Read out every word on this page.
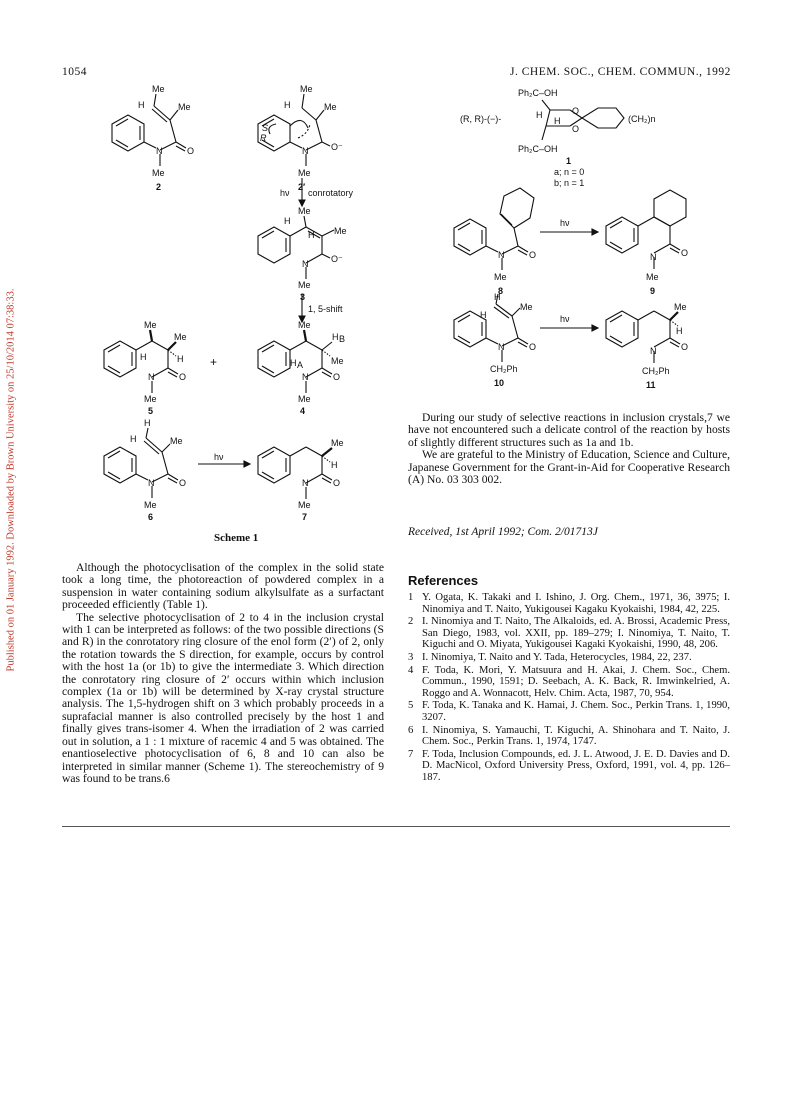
1054	J. CHEM. SOC., CHEM. COMMUN., 1992
Published on 01 January 1992. Downloaded by Brown University on 25/10/2014 07:38:33.
Me
H	Me
N	O
Me
2
Me
H	Me
S
R
N	O⁻
Me
2′
hν conrotatory
Me
H
H Me
N	O⁻
Me
3
1, 5-shift
Me
H B
H A	Me
N	O
Me
4
+
Me
Me
H	H
N	O
Me
5
H
H	Me
N	O
Me
6
hν
Me
H
N	O
Me
7
Ph₂C–OH
(R, R)-(−)-
O
O
H
H	(CH₂)n
Ph₂C–OH
1
a; n = 0
b; n = 1
N	O
Me
8
hν
N	O
Me
9
H
H
Me
N	O
CH₂Ph
10
hν
Me
H
N	O
CH₂Ph
11
Scheme 1

Although the photocyclisation of the complex in the solid state took a long time, the photoreaction of powdered complex in a suspension in water containing sodium alkylsulfate as a surfactant proceeded efficiently (Table 1).

The selective photocyclisation of 2 to 4 in the inclusion crystal with 1 can be interpreted as follows: of the two possible directions (S and R) in the conrotatory ring closure of the enol form (2′) of 2, only the rotation towards the S direction, for example, occurs by control with the host 1a (or 1b) to give the intermediate 3. Which direction the conrotatory ring closure of 2′ occurs within which inclusion complex (1a or 1b) will be determined by X-ray crystal structure analysis. The 1,5-hydrogen shift on 3 which probably proceeds in a suprafacial manner is also controlled precisely by the host 1 and finally gives trans-isomer 4. When the irradiation of 2 was carried out in solution, a 1 : 1 mixture of racemic 4 and 5 was obtained. The enantioselective photocyclisation of 6, 8 and 10 can also be interpreted in similar manner (Scheme 1). The stereochemistry of 9 was found to be trans.6

During our study of selective reactions in inclusion crystals,7 we have not encountered such a delicate control of the reaction by hosts of slightly different structures such as 1a and 1b.

We are grateful to the Ministry of Education, Science and Culture, Japanese Government for the Grant-in-Aid for Cooperative Research (A) No. 03 303 002.

Received, 1st April 1992; Com. 2/01713J
References
1 Y. Ogata, K. Takaki and I. Ishino, J. Org. Chem., 1971, 36, 3975; I. Ninomiya and T. Naito, Yukigousei Kagaku Kyokaishi, 1984, 42, 225.
2 I. Ninomiya and T. Naito, The Alkaloids, ed. A. Brossi, Academic Press, San Diego, 1983, vol. XXII, pp. 189–279; I. Ninomiya, T. Naito, T. Kiguchi and O. Miyata, Yukigousei Kagaki Kyokaishi, 1990, 48, 206.
3 I. Ninomiya, T. Naito and Y. Tada, Heterocycles, 1984, 22, 237.
4 F. Toda, K. Mori, Y. Matsuura and H. Akai, J. Chem. Soc., Chem. Commun., 1990, 1591; D. Seebach, A. K. Back, R. Imwinkelried, A. Roggo and A. Wonnacott, Helv. Chim. Acta, 1987, 70, 954.
5 F. Toda, K. Tanaka and K. Hamai, J. Chem. Soc., Perkin Trans. 1, 1990, 3207.
6 I. Ninomiya, S. Yamauchi, T. Kiguchi, A. Shinohara and T. Naito, J. Chem. Soc., Perkin Trans. 1, 1974, 1747.
7 F. Toda, Inclusion Compounds, ed. J. L. Atwood, J. E. D. Davies and D. D. MacNicol, Oxford University Press, Oxford, 1991, vol. 4, pp. 126–187.
